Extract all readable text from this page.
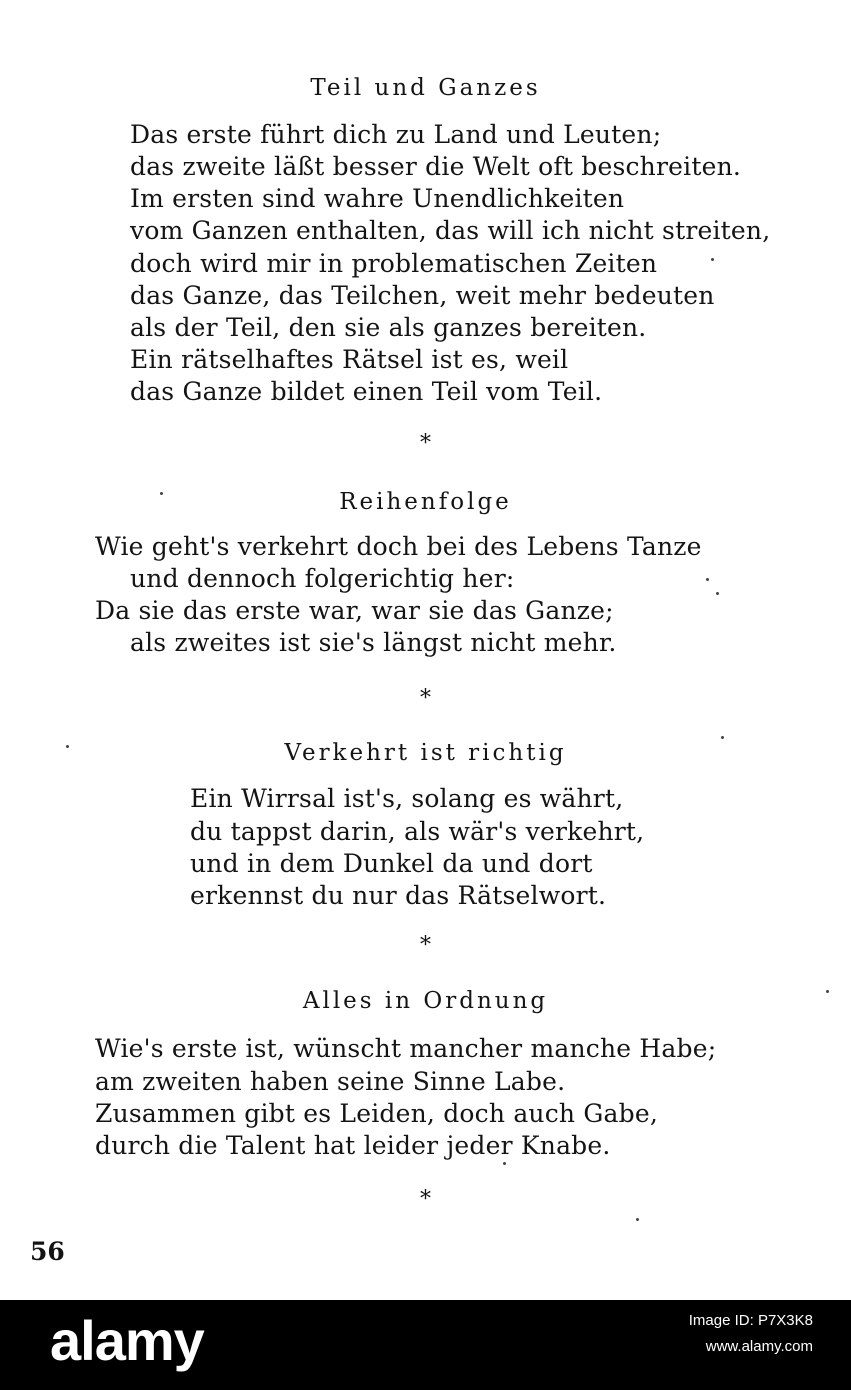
Teil und Ganzes
Das erste führt dich zu Land und Leuten;
das zweite läßt besser die Welt oft beschreiten.
Im ersten sind wahre Unendlichkeiten
vom Ganzen enthalten, das will ich nicht streiten,
doch wird mir in problematischen Zeiten
das Ganze, das Teilchen, weit mehr bedeuten
als der Teil, den sie als ganzes bereiten.
Ein rätselhaftes Rätsel ist es, weil
das Ganze bildet einen Teil vom Teil.
*
Reihenfolge
Wie geht's verkehrt doch bei des Lebens Tanze
und dennoch folgerichtig her:
Da sie das erste war, war sie das Ganze;
als zweites ist sie's längst nicht mehr.
*
Verkehrt ist richtig
Ein Wirrsal ist's, solang es währt,
du tappst darin, als wär's verkehrt,
und in dem Dunkel da und dort
erkennst du nur das Rätselwort.
*
Alles in Ordnung
Wie's erste ist, wünscht mancher manche Habe;
am zweiten haben seine Sinne Labe.
Zusammen gibt es Leiden, doch auch Gabe,
durch die Talent hat leider jeder Knabe.
*
56
alamy	Image ID: P7X3K8
www.alamy.com
